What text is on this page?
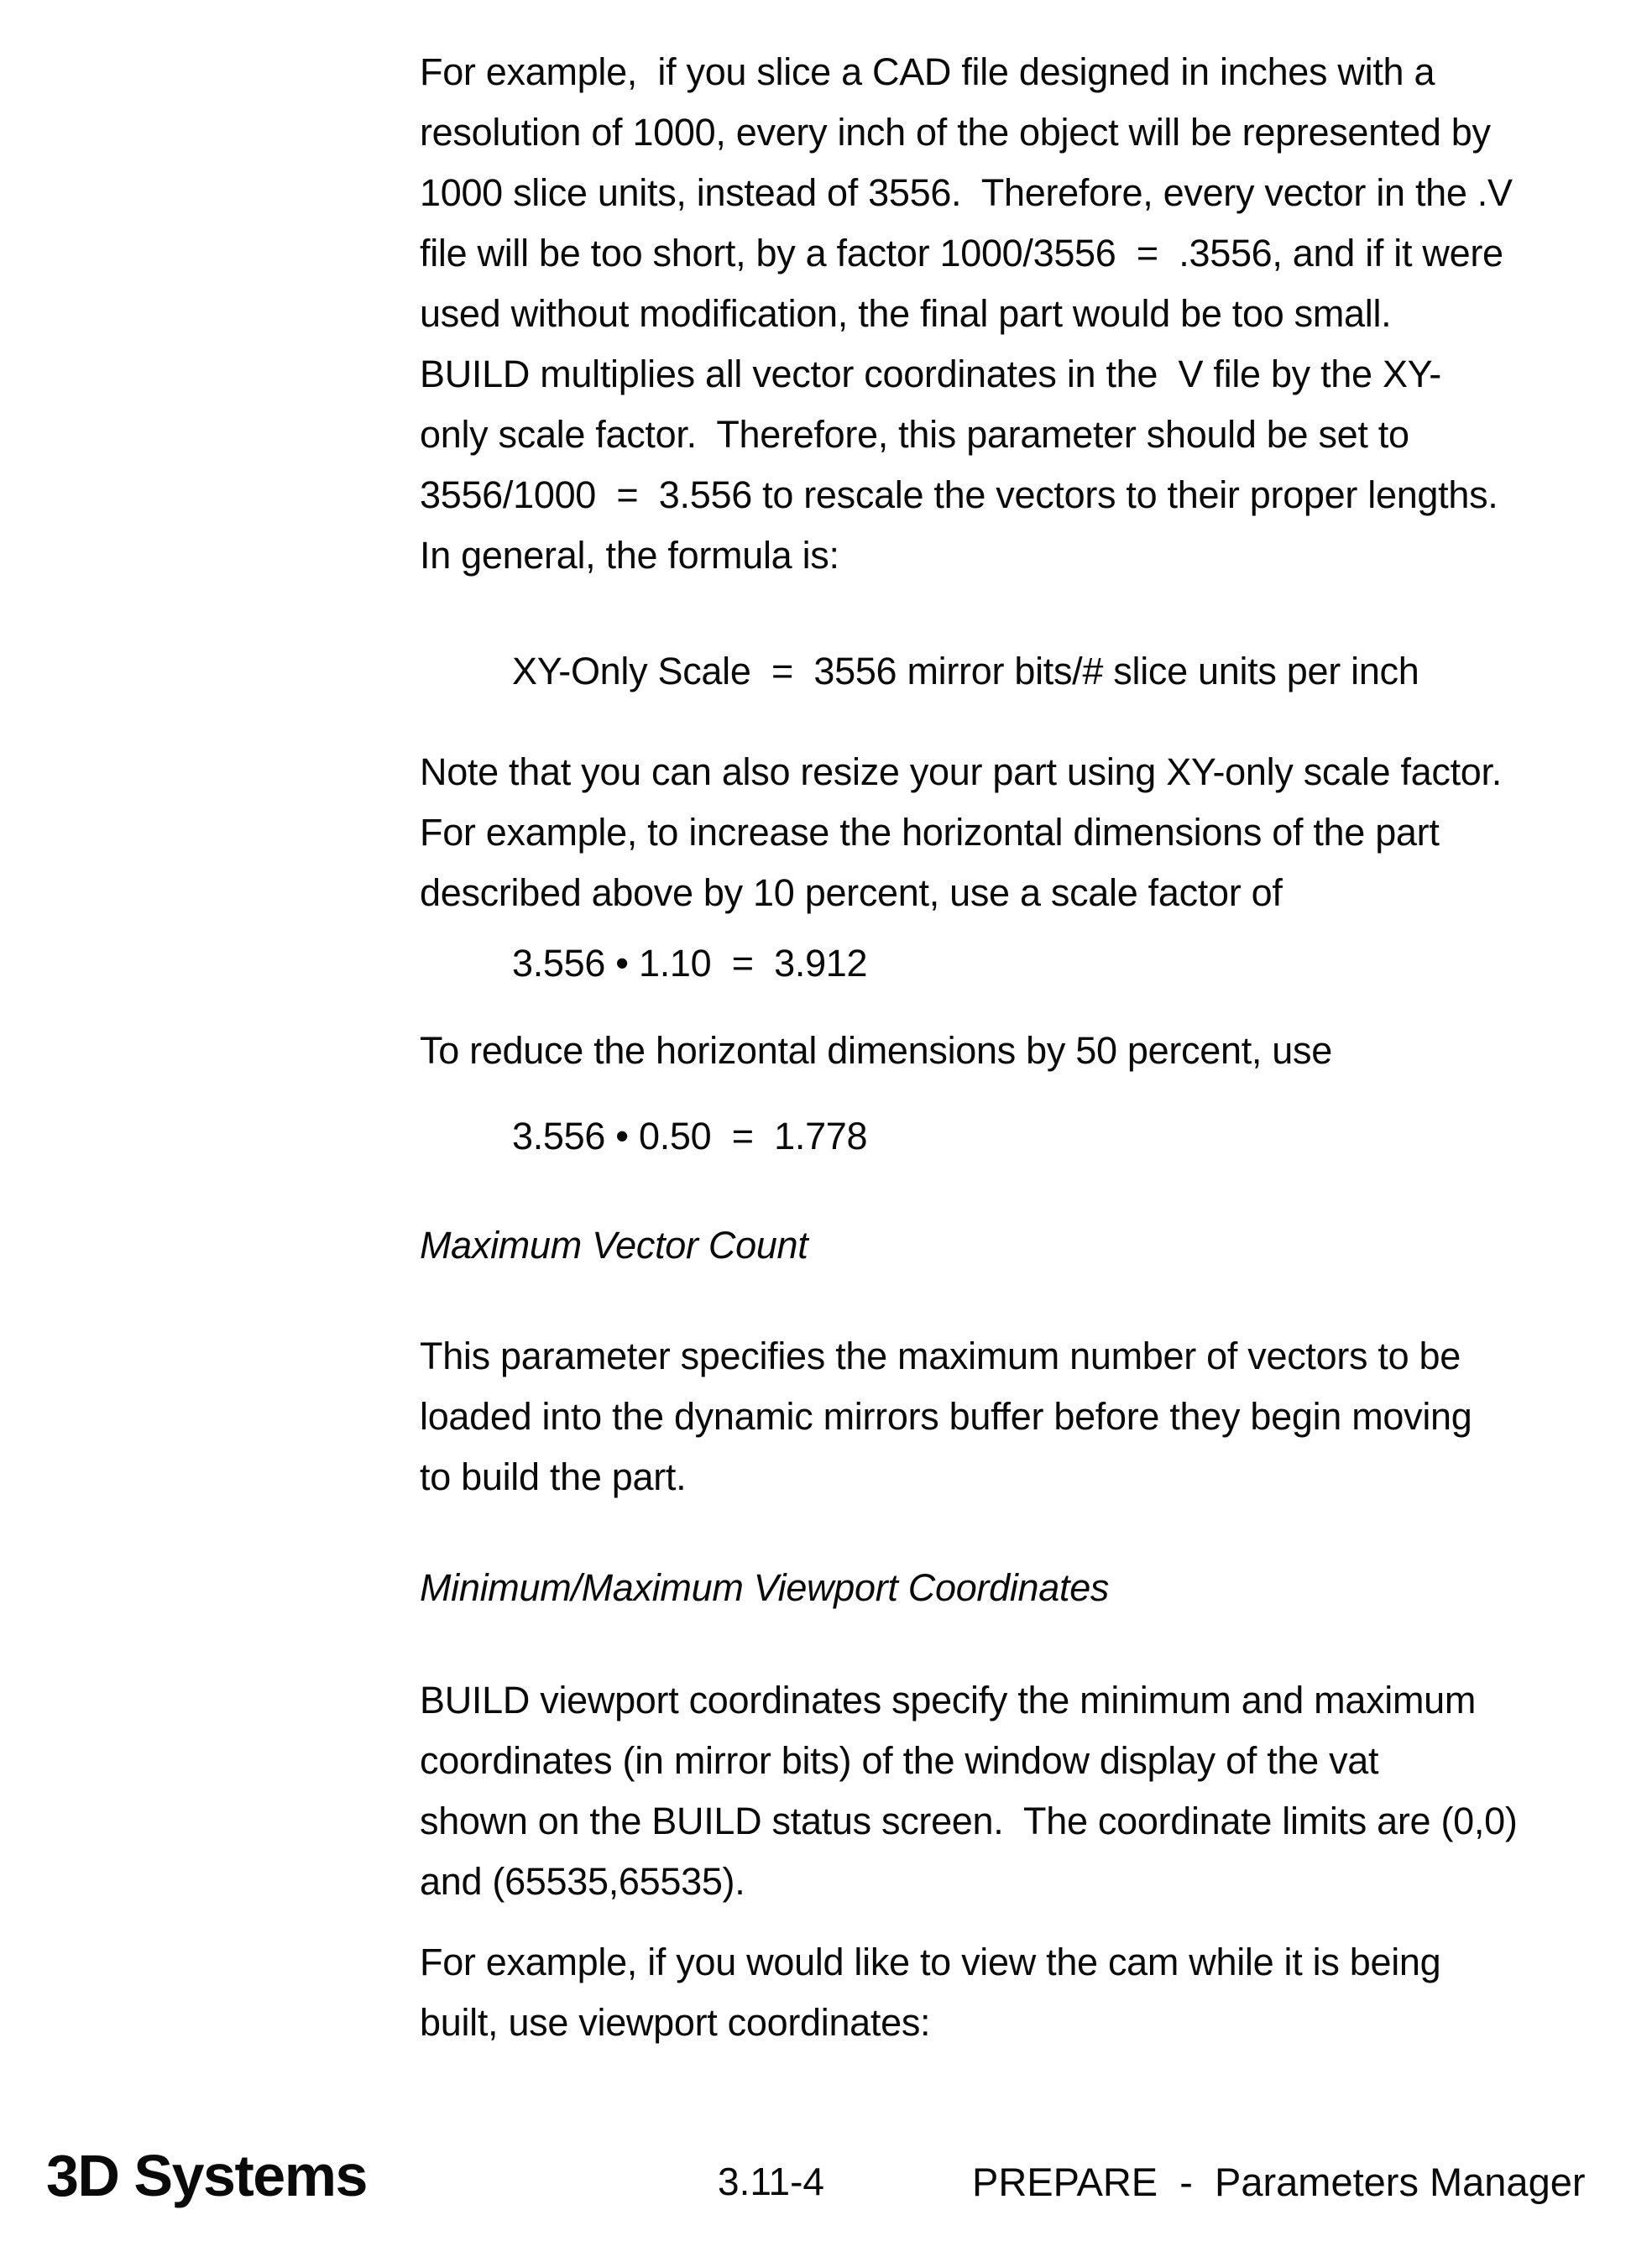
For example,  if you slice a CAD file designed in inches with a
resolution of 1000, every inch of the object will be represented by
1000 slice units, instead of 3556.  Therefore, every vector in the .V
file will be too short, by a factor 1000/3556  =  .3556, and if it were
used without modification, the final part would be too small.
BUILD multiplies all vector coordinates in the  V file by the XY-
only scale factor.  Therefore, this parameter should be set to
3556/1000  =  3.556 to rescale the vectors to their proper lengths.
In general, the formula is:
XY-Only Scale  =  3556 mirror bits/# slice units per inch
Note that you can also resize your part using XY-only scale factor.
For example, to increase the horizontal dimensions of the part
described above by 10 percent, use a scale factor of
3.556 • 1.10  =  3.912
To reduce the horizontal dimensions by 50 percent, use
3.556 • 0.50  =  1.778
Maximum Vector Count
This parameter specifies the maximum number of vectors to be
loaded into the dynamic mirrors buffer before they begin moving
to build the part.
Minimum/Maximum Viewport Coordinates
BUILD viewport coordinates specify the minimum and maximum
coordinates (in mirror bits) of the window display of the vat
shown on the BUILD status screen.  The coordinate limits are (0,0)
and (65535,65535).
For example, if you would like to view the cam while it is being
built, use viewport coordinates:
3D Systems	3.11-4	PREPARE  -  Parameters Manager
